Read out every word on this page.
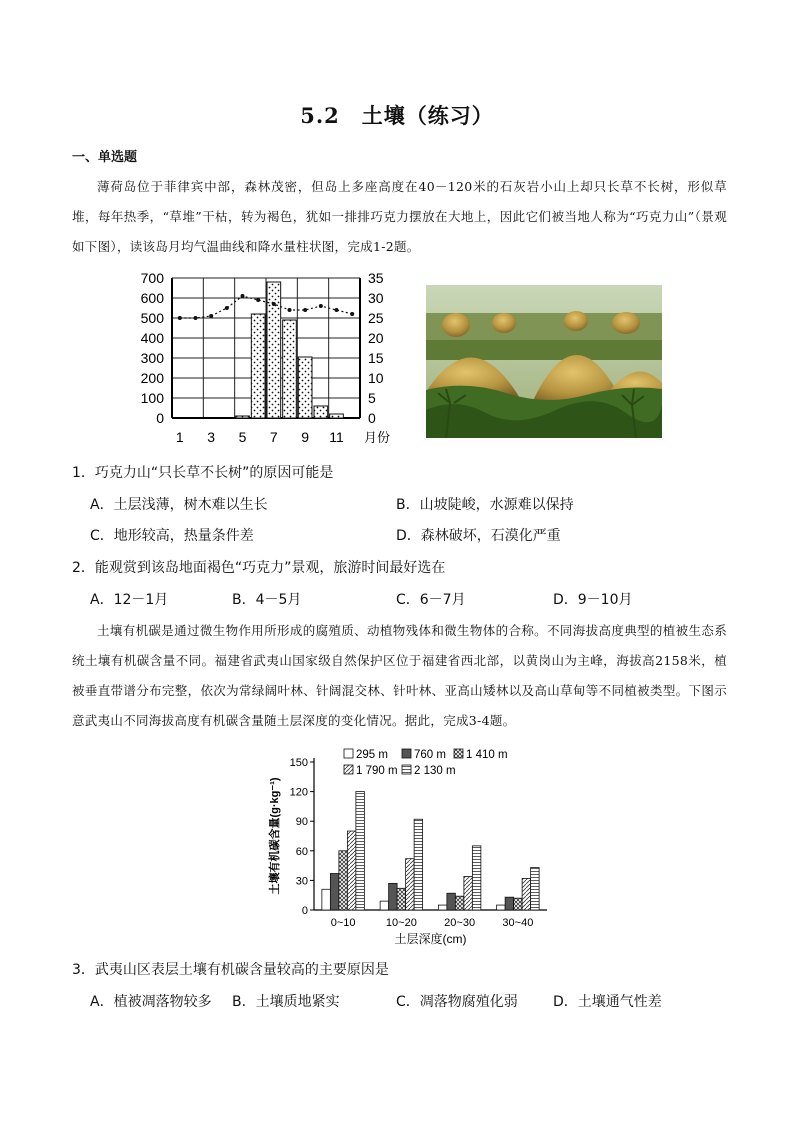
5.2　土壤（练习）
一、单选题
薄荷岛位于菲律宾中部，森林茂密，但岛上多座高度在40－120米的石灰岩小山上却只长草不长树，形似草堆，每年热季，“草堆”干枯，转为褐色，犹如一排排巧克力摆放在大地上，因此它们被当地人称为“巧克力山”（景观如下图），读该岛月均气温曲线和降水量柱状图，完成1-2题。
0
100
200
300
400
500
600
700
0
5
10
15
20
25
30
35
1 3 5 7 9 11 月份
1．巧克力山“只长草不长树”的原因可能是
A．土层浅薄，树木难以生长	B．山坡陡峻，水源难以保持
C．地形较高，热量条件差	D．森林破坏，石漠化严重
2．能观赏到该岛地面褐色“巧克力”景观，旅游时间最好选在
A．12－1月	B．4－5月	C．6－7月	D．9－10月
土壤有机碳是通过微生物作用所形成的腐殖质、动植物残体和微生物体的合称。不同海拔高度典型的植被生态系统土壤有机碳含量不同。福建省武夷山国家级自然保护区位于福建省西北部，以黄岗山为主峰，海拔高2158米，植被垂直带谱分布完整，依次为常绿阔叶林、针阔混交林、针叶林、亚高山矮林以及高山草甸等不同植被类型。下图示意武夷山不同海拔高度有机碳含量随土层深度的变化情况。据此，完成3-4题。
0
30
60
90
120
150
0~10	10~20 20~30 30~40
土层深度(cm)
土壤有机碳含量(g·kg⁻¹)
295 m 760 m 1 410 m
1 790 m 2 130 m
3．武夷山区表层土壤有机碳含量较高的主要原因是
A．植被凋落物较多 B．土壤质地紧实	C．凋落物腐殖化弱	D．土壤通气性差
